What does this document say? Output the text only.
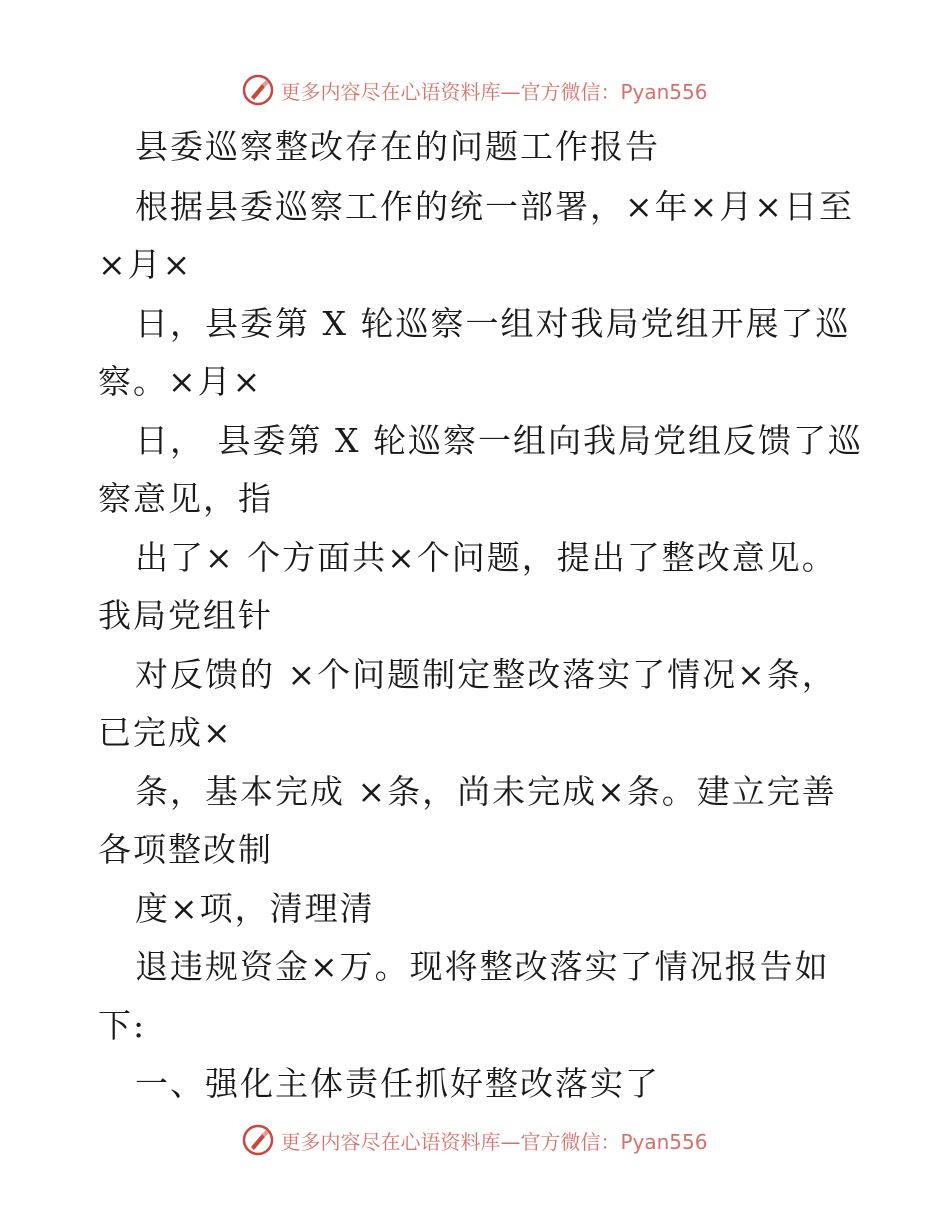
更多内容尽在心语资料库—官方微信：Pyan556
县委巡察整改存在的问题工作报告
根据县委巡察工作的统一部署，×年×月×日至
×月×
日，县委第 X 轮巡察一组对我局党组开展了巡
察。×月×
日， 县委第 X 轮巡察一组向我局党组反馈了巡
察意见，指
出了× 个方面共×个问题，提出了整改意见。
我局党组针
对反馈的 ×个问题制定整改落实了情况×条，
已完成×
条，基本完成 ×条，尚未完成×条。建立完善
各项整改制
度×项，清理清
退违规资金×万。现将整改落实了情况报告如
下:
一、强化主体责任抓好整改落实了
更多内容尽在心语资料库—官方微信：Pyan556
